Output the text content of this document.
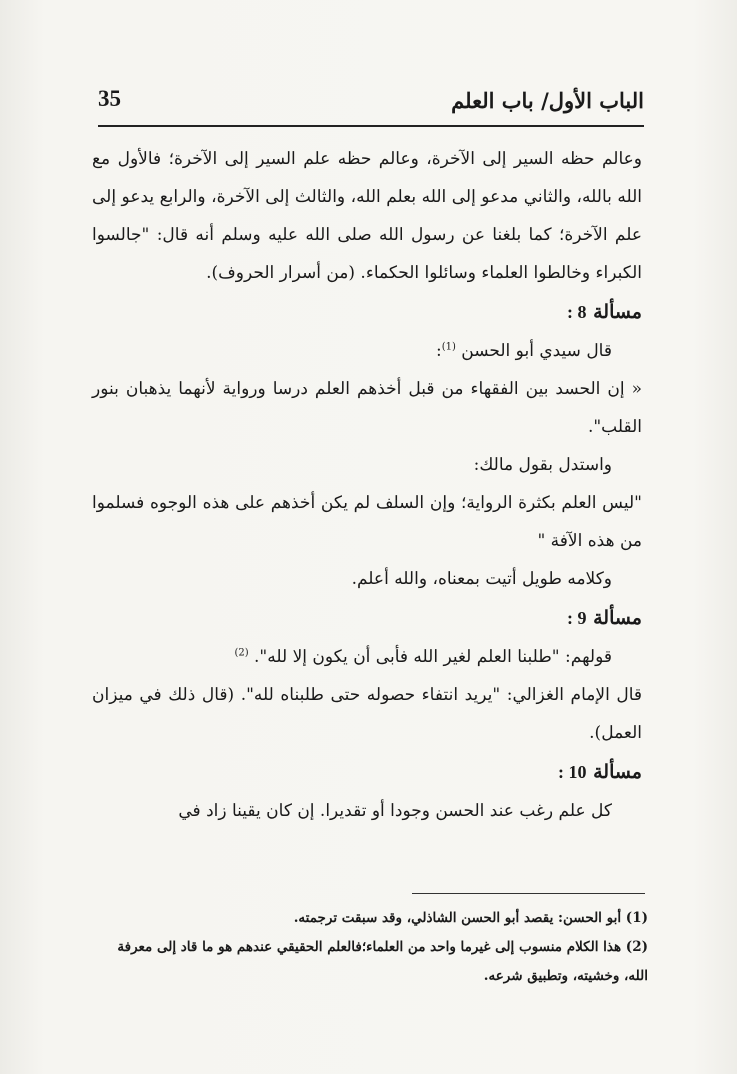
35	الباب الأول/ باب العلم

وعالم حظه السير إلى الآخرة، وعالم حظه علم السير إلى الآخرة؛ فالأول مع الله بالله، والثاني مدعو إلى الله بعلم الله، والثالث إلى الآخرة، والرابع يدعو إلى علم الآخرة؛ كما بلغنا عن رسول الله صلى الله عليه وسلم أنه قال: "جالسوا الكبراء وخالطوا العلماء وسائلوا الحكماء. (من أسرار الحروف).

مسألة 8 :

قال سيدي أبو الحسن $^{(1)}$:

« إن الحسد بين الفقهاء من قبل أخذهم العلم درسا ورواية لأنهما يذهبان بنور القلب".

واستدل بقول مالك:

"ليس العلم بكثرة الرواية؛ وإن السلف لم يكن أخذهم على هذه الوجوه فسلموا من هذه الآفة "

وكلامه طويل أتيت بمعناه، والله أعلم.

مسألة 9 :

قولهم: "طلبنا العلم لغير الله فأبى أن يكون إلا لله". $^{(2)}$

قال الإمام الغزالي: "يريد انتفاء حصوله حتى طلبناه لله". (قال ذلك في ميزان العمل).

مسألة 10 :

كل علم رغب عند الحسن وجودا أو تقديرا. إن كان يقينا زاد في

(1) أبو الحسن: يقصد أبو الحسن الشاذلي، وقد سبقت ترجمته.

(2) هذا الكلام منسوب إلى غيرما واحد من العلماء؛فالعلم الحقيقي عندهم هو ما قاد إلى معرفة الله، وخشيته، وتطبيق شرعه.
